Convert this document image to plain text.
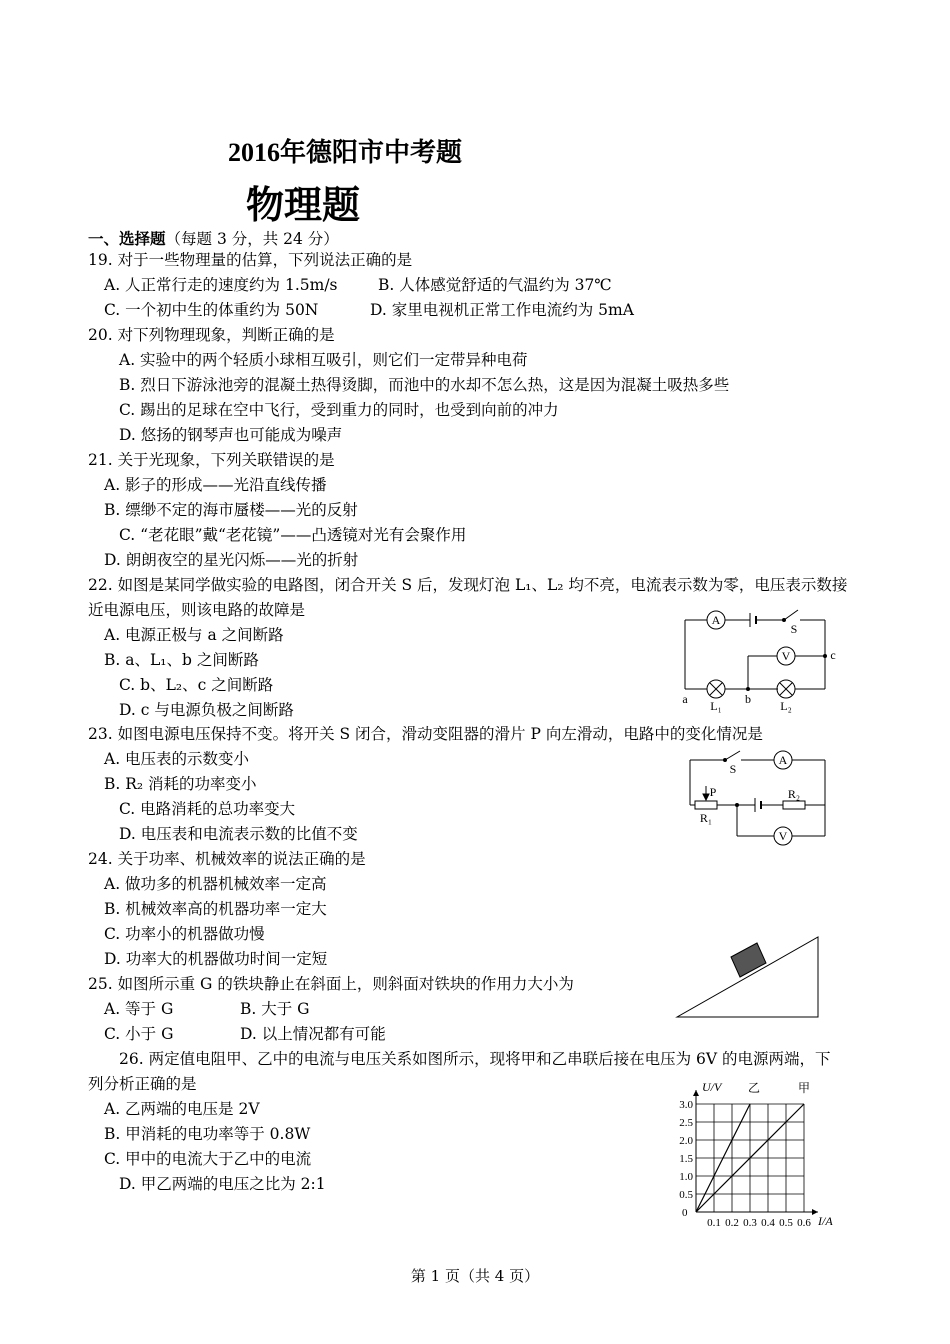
2016年德阳市中考题
物理题
一、选择题（每题 3 分，共 24 分）
19. 对于一些物理量的估算，下列说法正确的是
A. 人正常行走的速度约为 1.5m/s	B. 人体感觉舒适的气温约为 37℃
C. 一个初中生的体重约为 50N	D. 家里电视机正常工作电流约为 5mA
20. 对下列物理现象，判断正确的是
A. 实验中的两个轻质小球相互吸引，则它们一定带异种电荷
B. 烈日下游泳池旁的混凝土热得烫脚，而池中的水却不怎么热，这是因为混凝土吸热多些
C. 踢出的足球在空中飞行，受到重力的同时，也受到向前的冲力
D. 悠扬的钢琴声也可能成为噪声
21. 关于光现象，下列关联错误的是
A. 影子的形成——光沿直线传播
B. 缥缈不定的海市蜃楼——光的反射
C. “老花眼”戴“老花镜”——凸透镜对光有会聚作用
D. 朗朗夜空的星光闪烁——光的折射
22. 如图是某同学做实验的电路图，闭合开关 S 后，发现灯泡 L₁、L₂ 均不亮，电流表示数为零，电压表示数接
近电源电压，则该电路的故障是
A. 电源正极与 a 之间断路
B. a、L₁、b 之间断路
C. b、L₂、c 之间断路
D. c 与电源负极之间断路
23. 如图电源电压保持不变。将开关 S 闭合，滑动变阻器的滑片 P 向左滑动，电路中的变化情况是
A. 电压表的示数变小
B. R₂ 消耗的功率变小
C. 电路消耗的总功率变大
D. 电压表和电流表示数的比值不变
24. 关于功率、机械效率的说法正确的是
A. 做功多的机器机械效率一定高
B. 机械效率高的机器功率一定大
C. 功率小的机器做功慢
D. 功率大的机器做功时间一定短
25. 如图所示重 G 的铁块静止在斜面上，则斜面对铁块的作用力大小为
A. 等于 G	B. 大于 G
C. 小于 G	D. 以上情况都有可能
26. 两定值电阻甲、乙中的电流与电压关系如图所示，现将甲和乙串联后接在电压为 6V 的电源两端，下
列分析正确的是
A. 乙两端的电压是 2V
B. 甲消耗的电功率等于 0.8W
C. 甲中的电流大于乙中的电流
D. 甲乙两端的电压之比为 2:1
A
S
V	c
a	b
L₁	L₂
S
A
P	R₂
R₁
V
0.1 0.2 0.3 0.4 0.5 0.6
0.5
1.0
1.5
2.0
2.5
3.0
U/V 乙	甲
I/A
0
第 1 页（共 4 页）
